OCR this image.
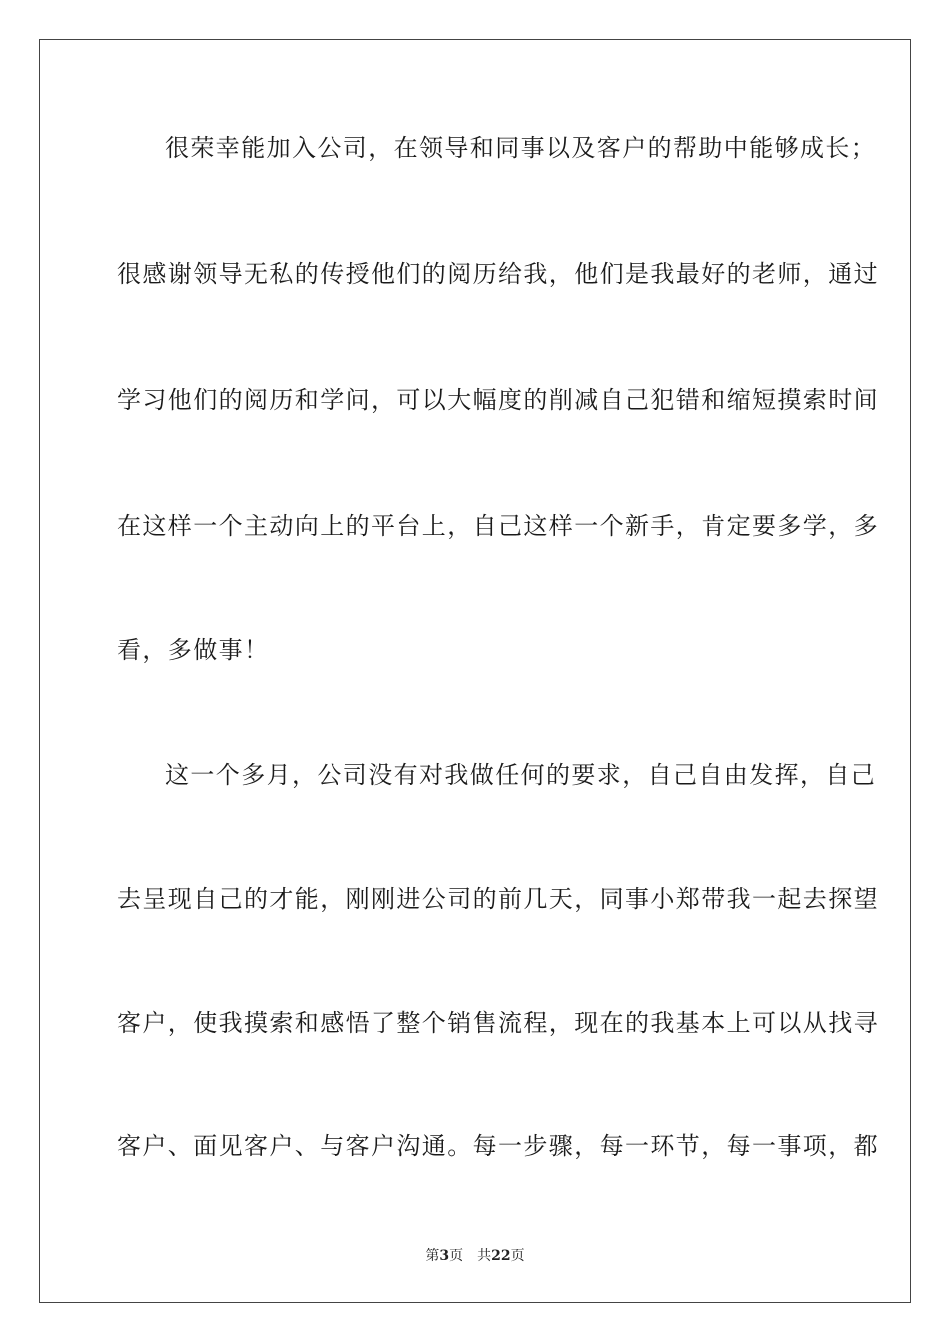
很荣幸能加入公司，在领导和同事以及客户的帮助中能够成长；
很感谢领导无私的传授他们的阅历给我，他们是我最好的老师，通过
学习他们的阅历和学问，可以大幅度的削减自己犯错和缩短摸索时间
在这样一个主动向上的平台上，自己这样一个新手，肯定要多学，多
看，多做事！
这一个多月，公司没有对我做任何的要求，自己自由发挥，自己
去呈现自己的才能，刚刚进公司的前几天，同事小郑带我一起去探望
客户，使我摸索和感悟了整个销售流程，现在的我基本上可以从找寻
客户、面见客户、与客户沟通。每一步骤，每一环节，每一事项，都
第3页 共22页
